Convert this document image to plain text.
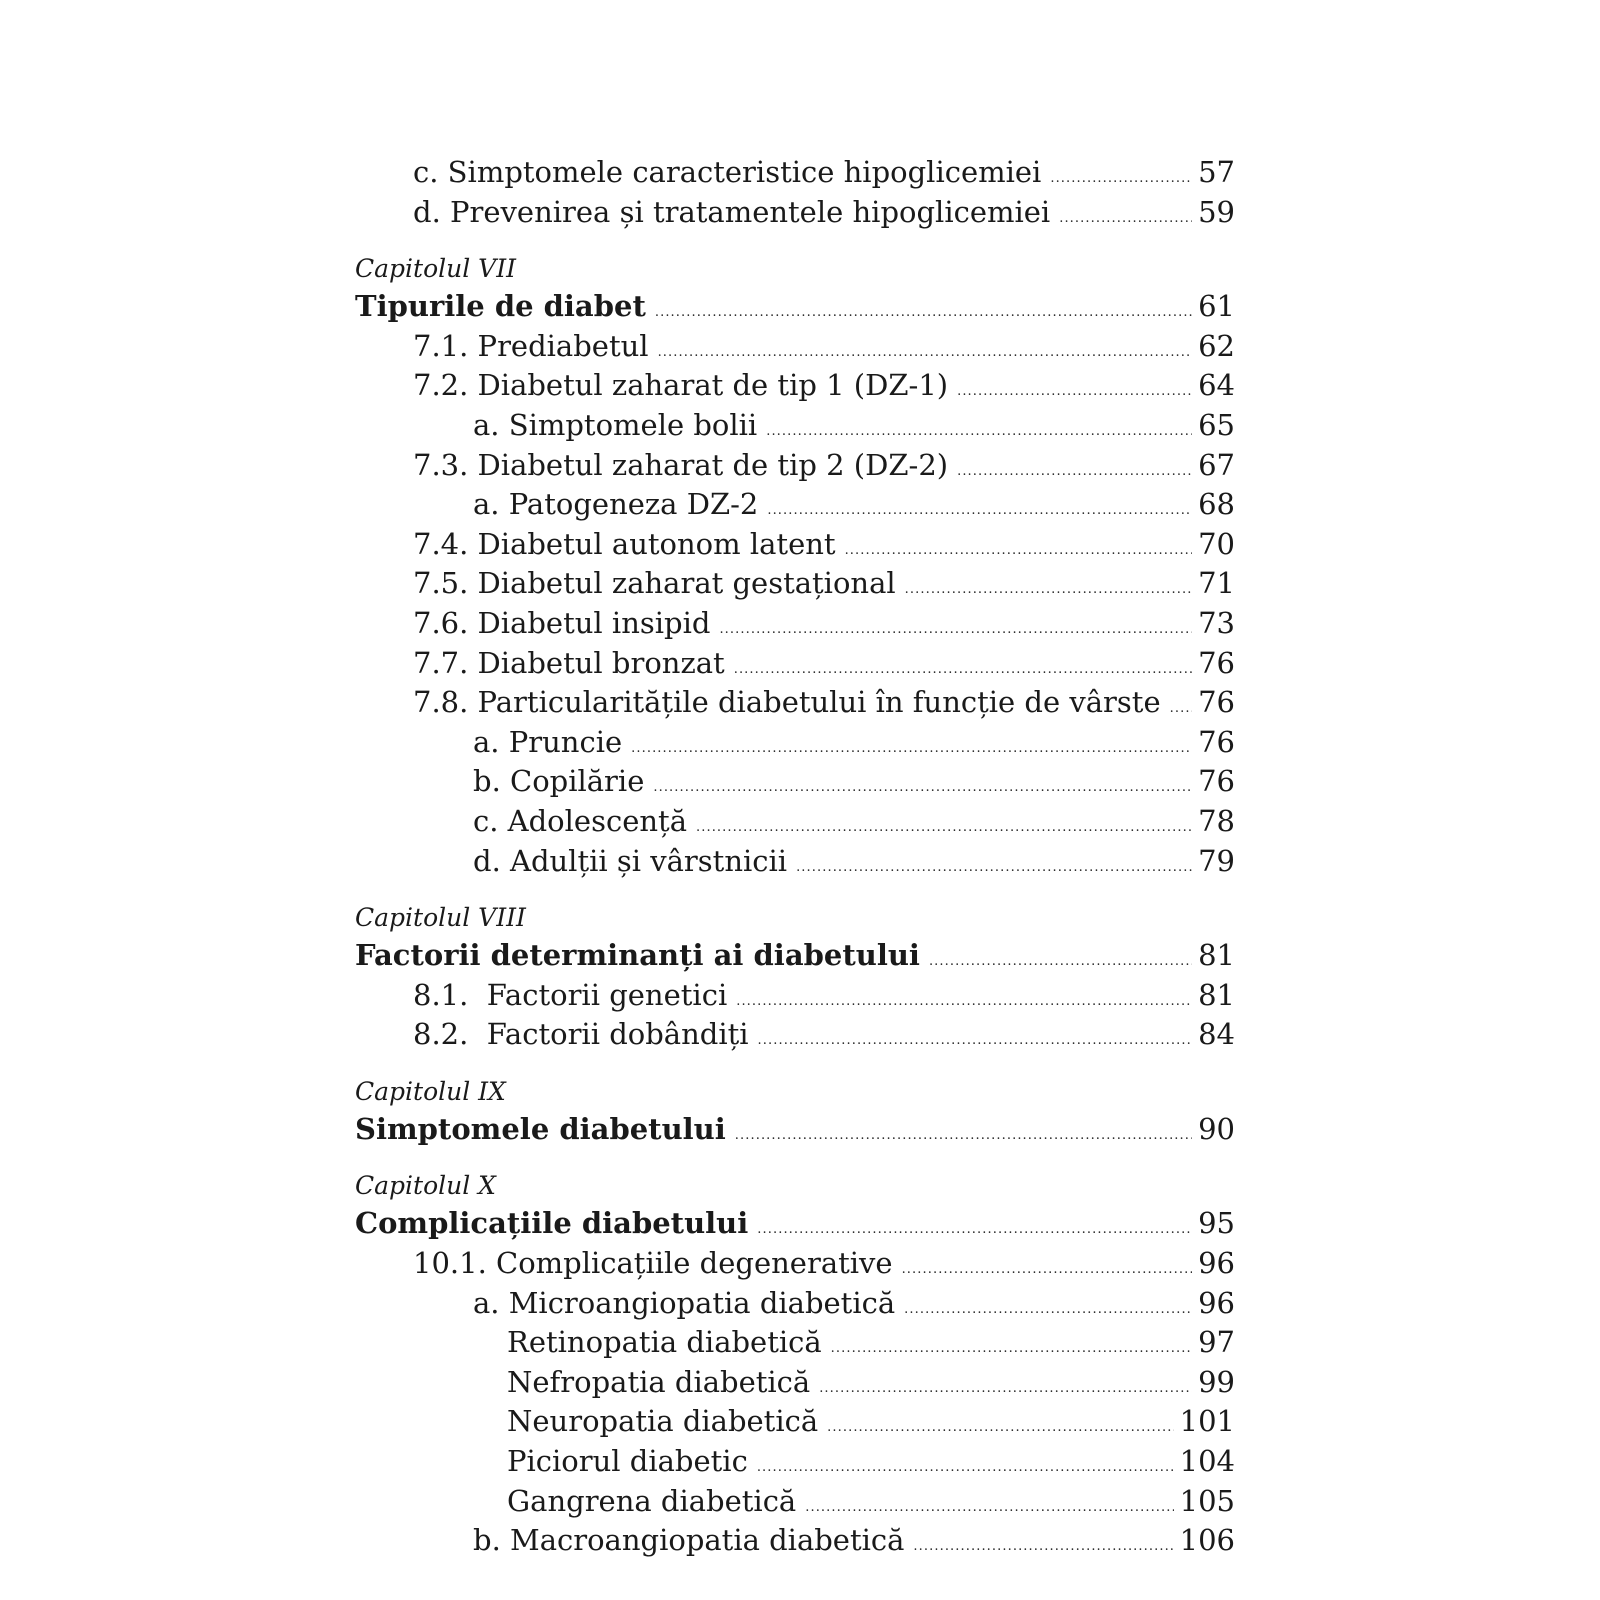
c. Simptomele caracteristice hipoglicemiei .....	57
d. Prevenirea și tratamentele hipoglicemiei .....	59
Capitolul VII
Tipurile de diabet .....	61
7.1. Prediabetul .....	62
7.2. Diabetul zaharat de tip 1 (DZ-1) .....	64
a. Simptomele bolii .....	65
7.3. Diabetul zaharat de tip 2 (DZ-2) .....	67
a. Patogeneza DZ-2 .....	68
7.4. Diabetul autonom latent .....	70
7.5. Diabetul zaharat gestațional .....	71
7.6. Diabetul insipid .....	73
7.7. Diabetul bronzat .....	76
7.8. Particularitățile diabetului în funcție de vârste ..... 76
a. Pruncie .....	76
b. Copilărie .....	76
c. Adolescență .....	78
d. Adulții și vârstnicii .....	79
Capitolul VIII
Factorii determinanți ai diabetului .....	81
8.1.  Factorii genetici .....	81
8.2.  Factorii dobândiți .....	84
Capitolul IX
Simptomele diabetului .....	90
Capitolul X
Complicațiile diabetului .....	95
10.1. Complicațiile degenerative .....	96
a. Microangiopatia diabetică .....	96
Retinopatia diabetică .....	97
Nefropatia diabetică .....	99
Neuropatia diabetică .....	101
Piciorul diabetic .....	104
Gangrena diabetică .....	105
b. Macroangiopatia diabetică .....	106
